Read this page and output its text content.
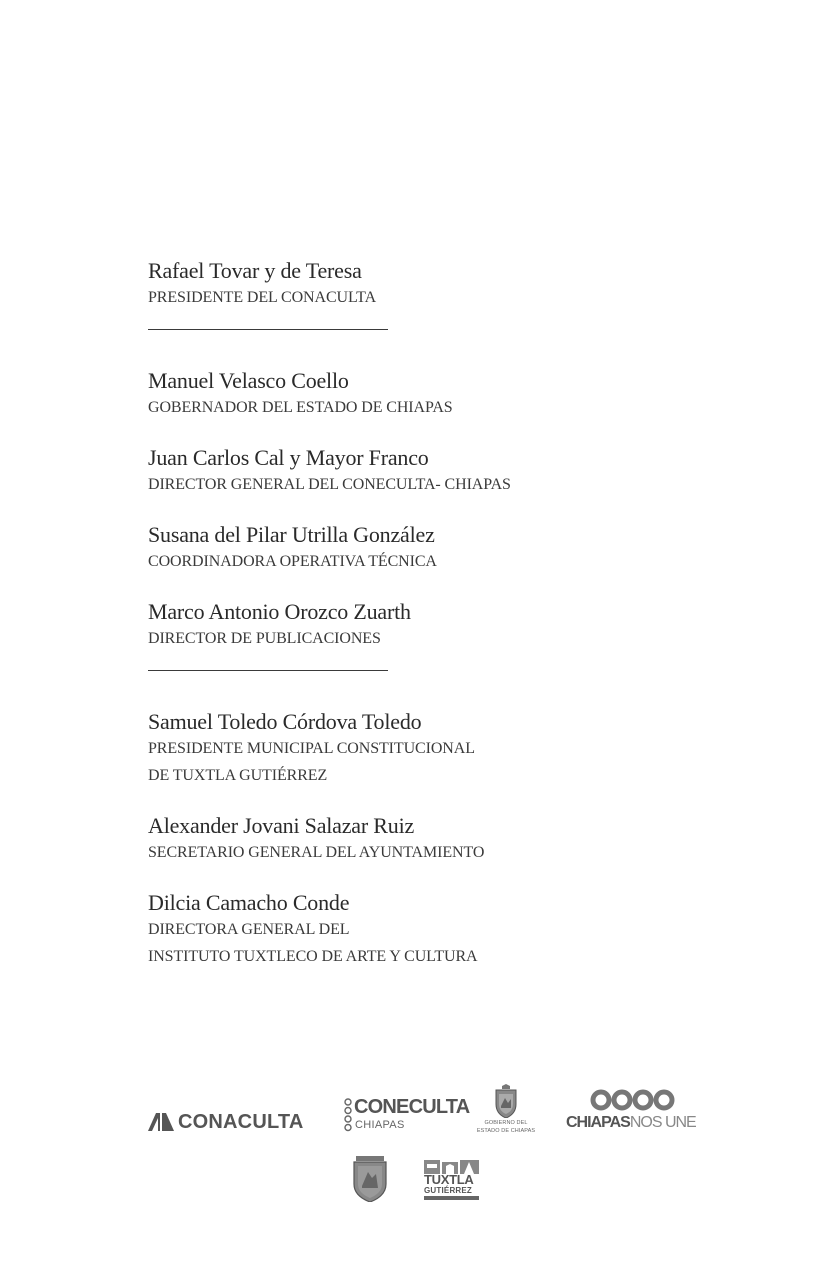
Rafael Tovar y de Teresa
PRESIDENTE DEL CONACULTA
Manuel Velasco Coello
GOBERNADOR DEL ESTADO DE CHIAPAS
Juan Carlos Cal y Mayor Franco
DIRECTOR GENERAL DEL CONECULTA- CHIAPAS
Susana del Pilar Utrilla González
COORDINADORA OPERATIVA TÉCNICA
Marco Antonio Orozco Zuarth
DIRECTOR DE PUBLICACIONES
Samuel Toledo Córdova Toledo
PRESIDENTE MUNICIPAL CONSTITUCIONAL
DE TUXTLA GUTIÉRREZ
Alexander Jovani Salazar Ruiz
SECRETARIO GENERAL DEL AYUNTAMIENTO
Dilcia Camacho Conde
DIRECTORA GENERAL DEL
INSTITUTO TUXTLECO DE ARTE Y CULTURA
CONACULTA
CONECULTA
CHIAPAS	GOBIERNO DEL
ESTADO DE CHIAPAS CHIAPASNOS UNE
TUXTLA
GUTIÉRREZ
